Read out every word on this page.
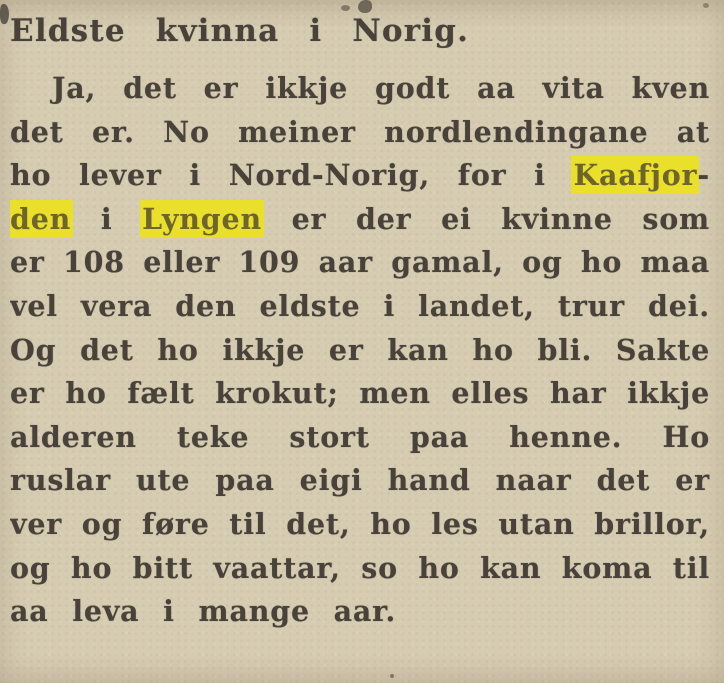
Eldste kvinna i Norig.
Ja, det er ikkje godt aa vita kven
det er. No meiner nordlendingane at
ho lever i Nord-Norig, for i Kaafjor-
den i Lyngen er der ei kvinne som
er 108 eller 109 aar gamal, og ho maa
vel vera den eldste i landet, trur dei.
Og det ho ikkje er kan ho bli. Sakte
er ho fælt krokut; men elles har ikkje
alderen teke stort paa henne. Ho
ruslar ute paa eigi hand naar det er
ver og føre til det, ho les utan brillor,
og ho bitt vaattar, so ho kan koma til
aa leva i mange aar.
